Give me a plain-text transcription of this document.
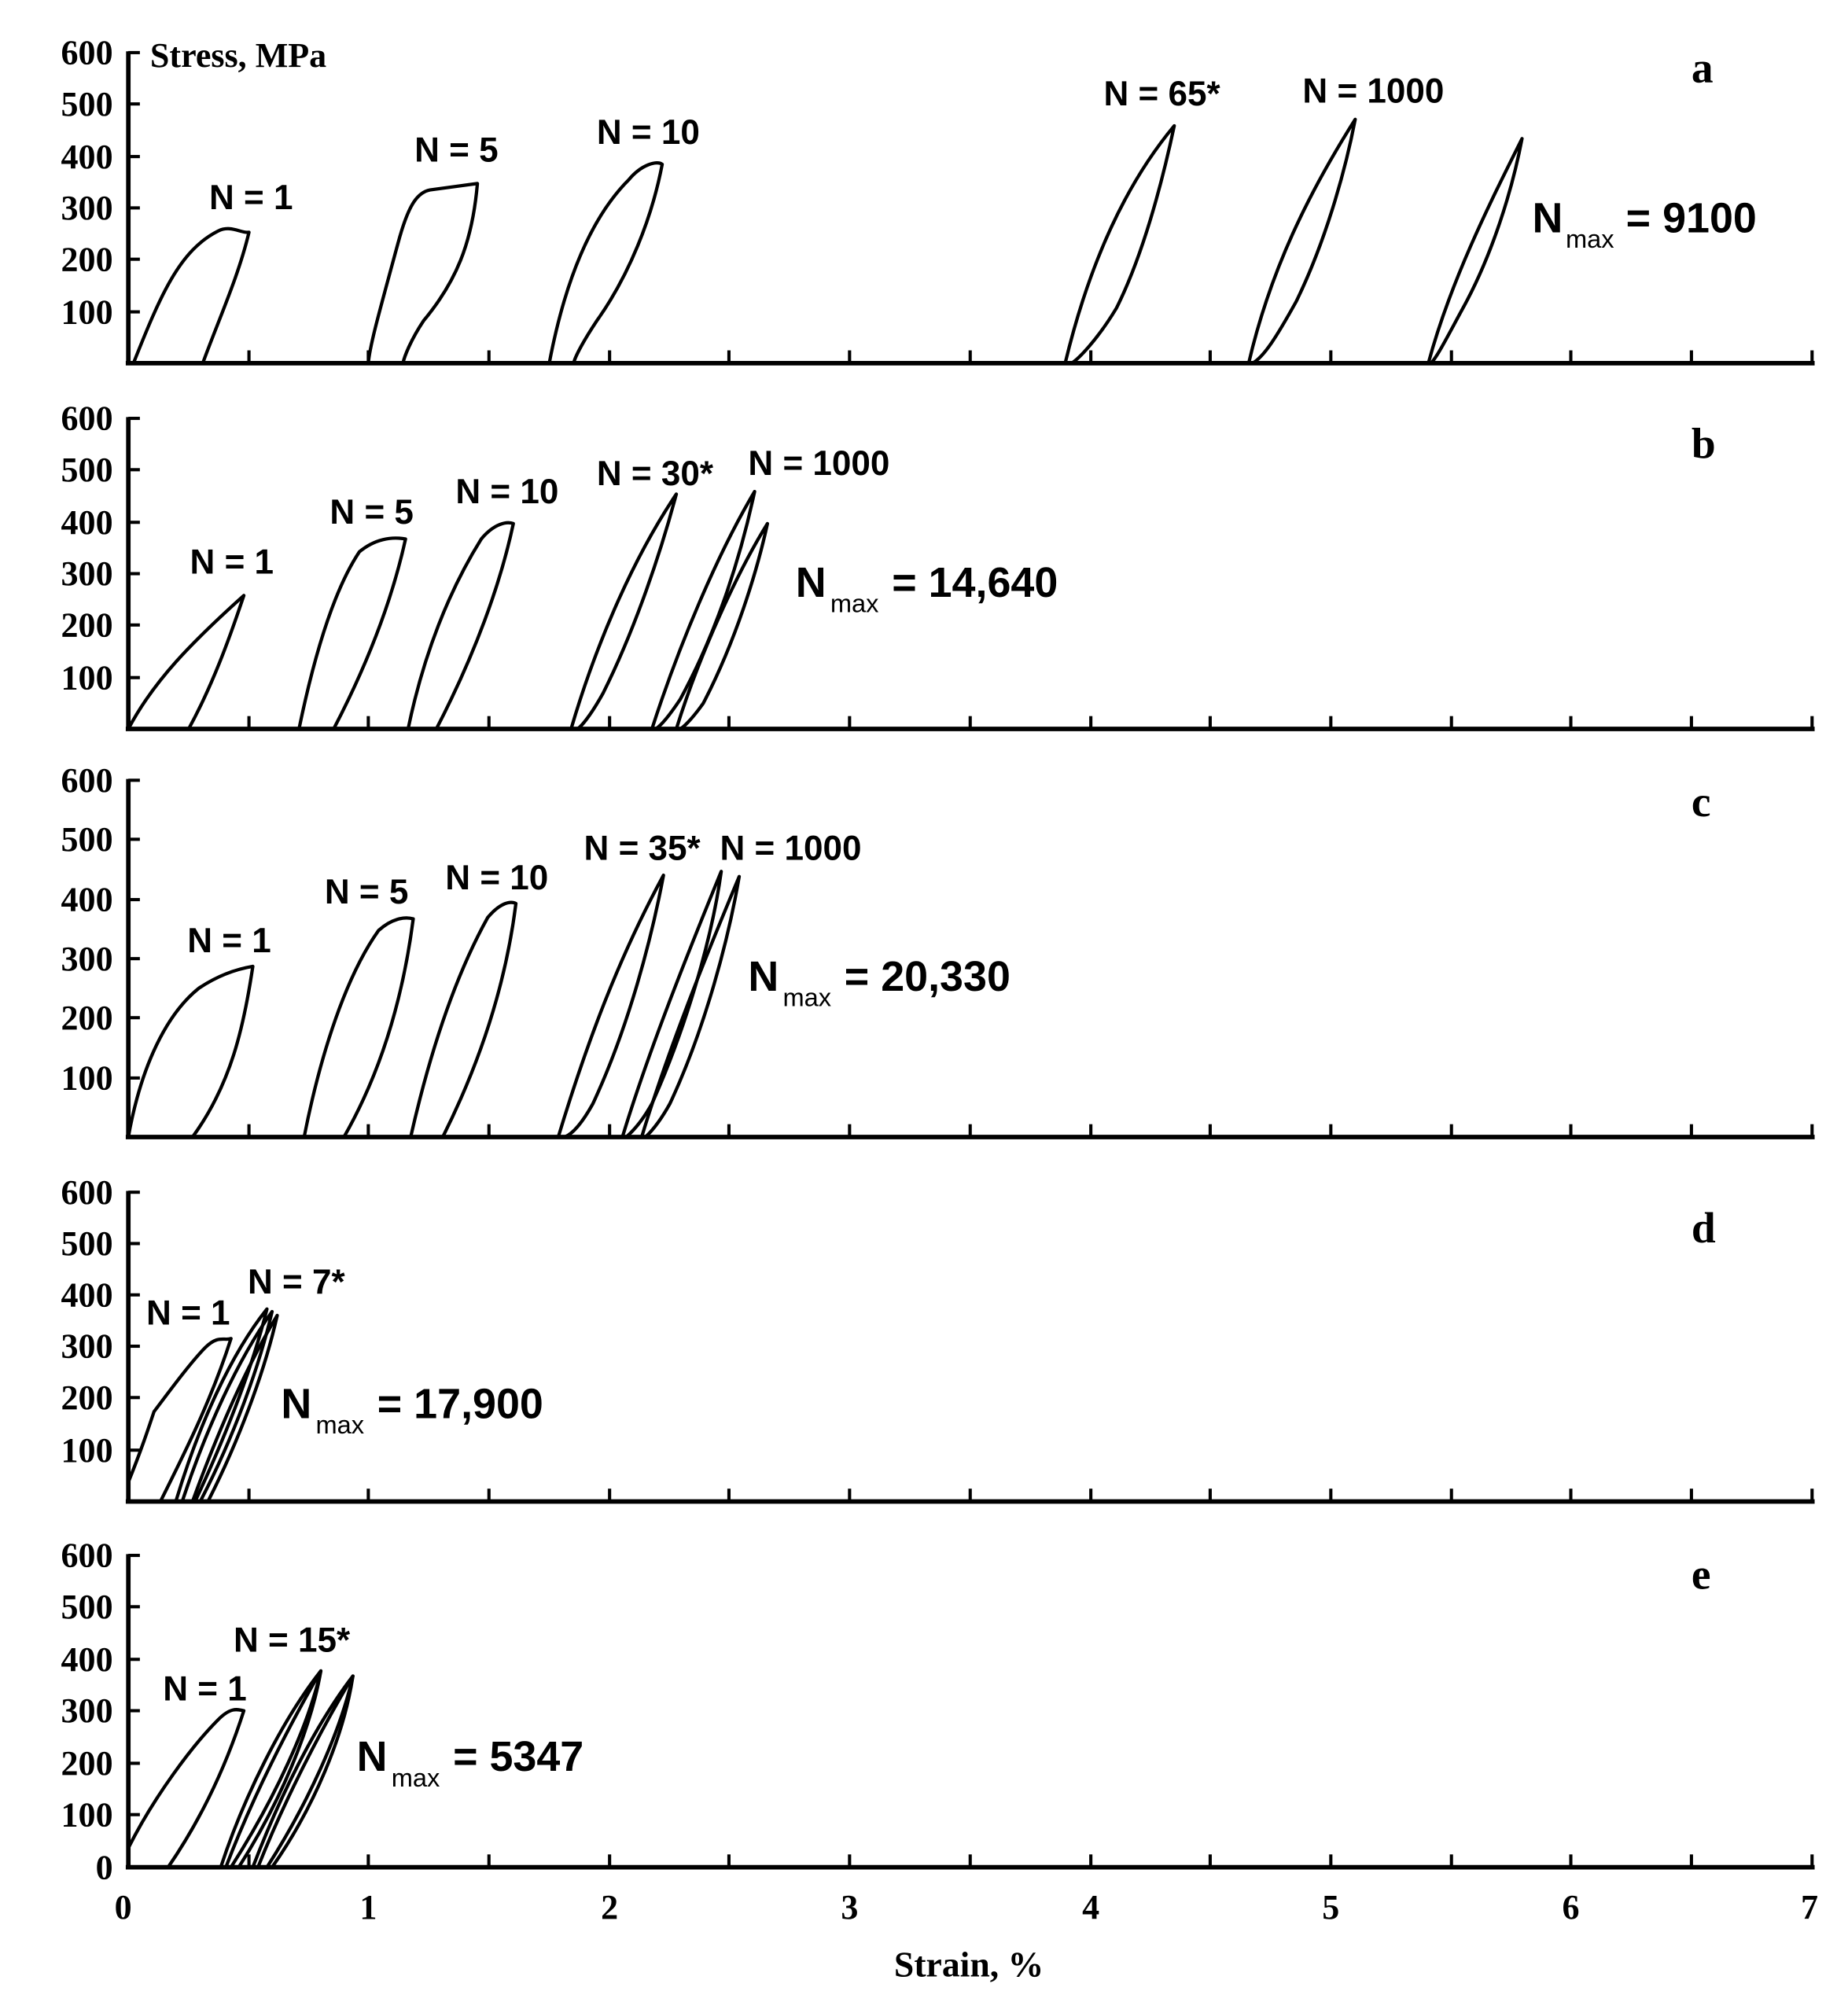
600
500
400
300
200
100
Stress, MPa	a
N = 1
N = 5	N = 10
N = 65*	N = 1000
N max = 9100
600
500
400
300
200
100
b
N = 1
N = 5
N = 10 N = 30* N = 1000
N max = 14,640
600
500
400
300
200
100
c
N = 1
N = 5 N = 10
N = 35* N = 1000
N max = 20,330
600
500
400
300
200
100
d
N = 1
N = 7*
N max = 17,900
600
500
400
300
200
100
0
e
N = 1
N = 15*
N max = 5347
0	1	2	3	4	5	6	7
Strain, %
